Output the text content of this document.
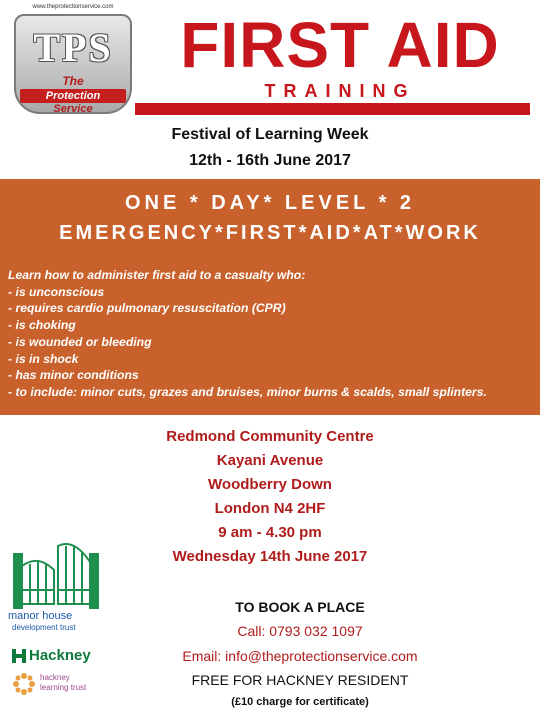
www.theprotectionservice.com
TPS
The
Protection
Service
FIRST AID
TRAINING
Festival of Learning Week
12th - 16th June 2017
ONE * DAY* LEVEL * 2
EMERGENCY*FIRST*AID*AT*WORK
Learn how to administer first aid to a casualty who:
- is unconscious
- requires cardio pulmonary resuscitation (CPR)
- is choking
- is wounded or bleeding
- is in shock
- has minor conditions
- to include: minor cuts, grazes and bruises, minor burns & scalds, small splinters.
Redmond Community Centre
Kayani Avenue
Woodberry Down
London N4 2HF
9 am - 4.30 pm
Wednesday 14th June 2017
manor house
development trust
Hackney
hackney
learning trust
TO BOOK A PLACE
Call: 0793 032 1097
Email: info@theprotectionservice.com
FREE FOR HACKNEY RESIDENT
(£10 charge for certificate)
